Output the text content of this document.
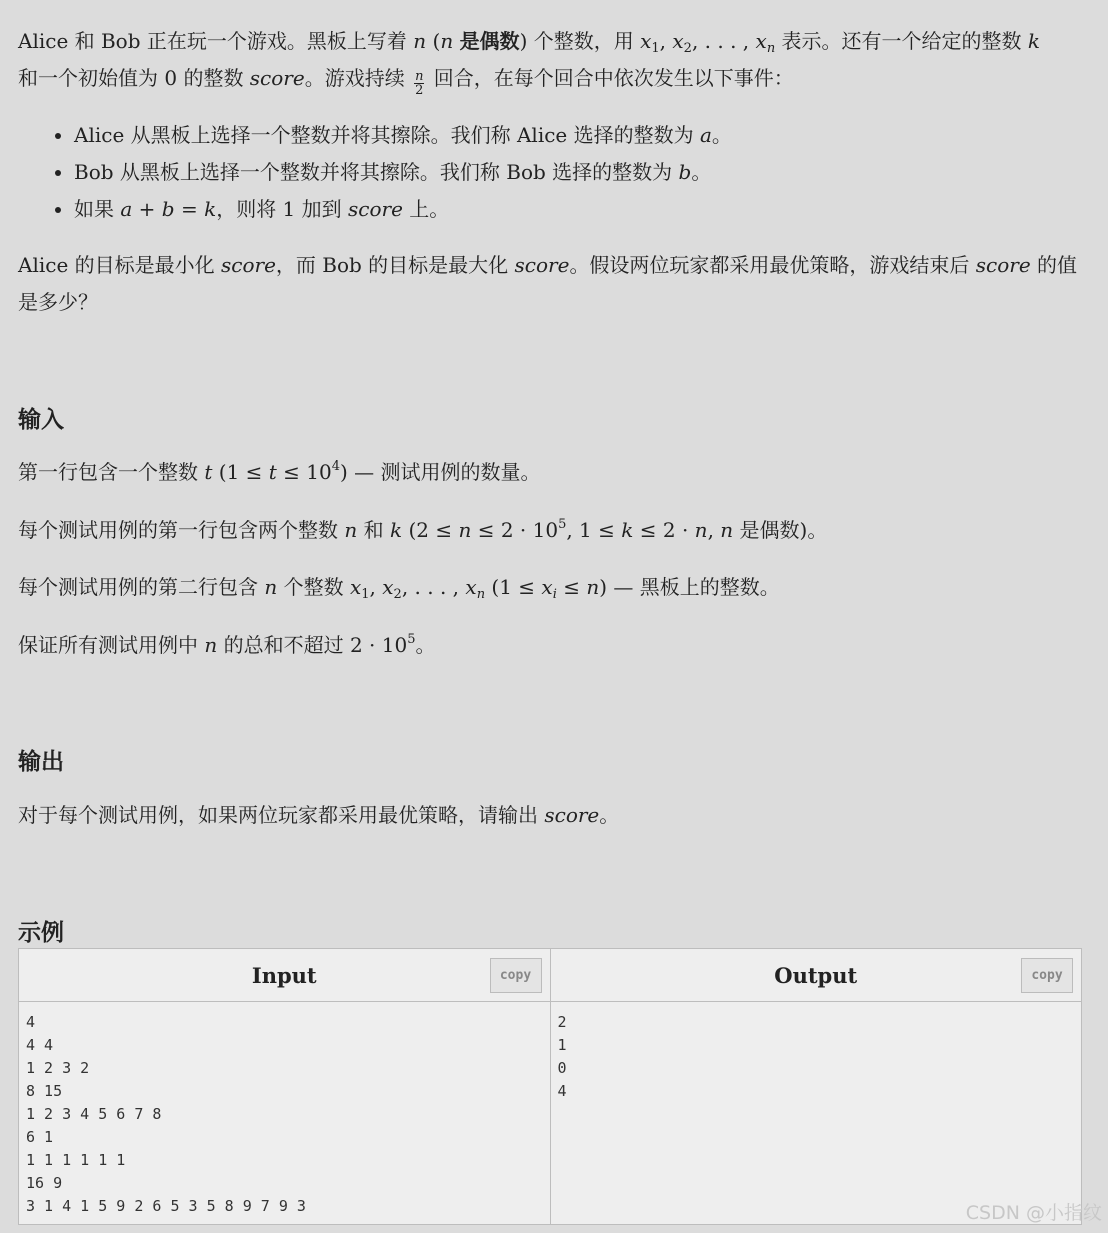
Alice 和 Bob 正在玩一个游戏。黑板上写着 n (n 是偶数) 个整数，用 $x_1$, $x_2$, . . . , $x_n$ 表示。还有一个给定的整数 k
和一个初始值为 0 的整数 score。游戏持续 $\frac{n}{2}$ 回合，在每个回合中依次发生以下事件：

• Alice 从黑板上选择一个整数并将其擦除。我们称 Alice 选择的整数为 a。
• Bob 从黑板上选择一个整数并将其擦除。我们称 Bob 选择的整数为 b。
• 如果 a + b = k，则将 1 加到 score 上。

Alice 的目标是最小化 score，而 Bob 的目标是最大化 score。假设两位玩家都采用最优策略，游戏结束后 score 的值是多少？

输入

第一行包含一个整数 t $(1 \le t \le 10^4)$ — 测试用例的数量。

每个测试用例的第一行包含两个整数 n 和 k ($2 \le n \le 2 \cdot 10^5$, 1 ≤ k ≤ 2 · n, n 是偶数)。

每个测试用例的第二行包含 n 个整数 $x_1$, $x_2$, . . . , $x_n$ $(1 \le x_i \le n)$ — 黑板上的整数。

保证所有测试用例中 n 的总和不超过 $2 \cdot 10^5$。

输出

对于每个测试用例，如果两位玩家都采用最优策略，请输出 score。

示例
Input	copy
4
4 4
1 2 3 2
8 15
1 2 3 4 5 6 7 8
6 1
1 1 1 1 1 1
16 9
3 1 4 1 5 9 2 6 5 3 5 8 9 7 9 3
Output	copy
2
1
0
4
CSDN @小指纹
